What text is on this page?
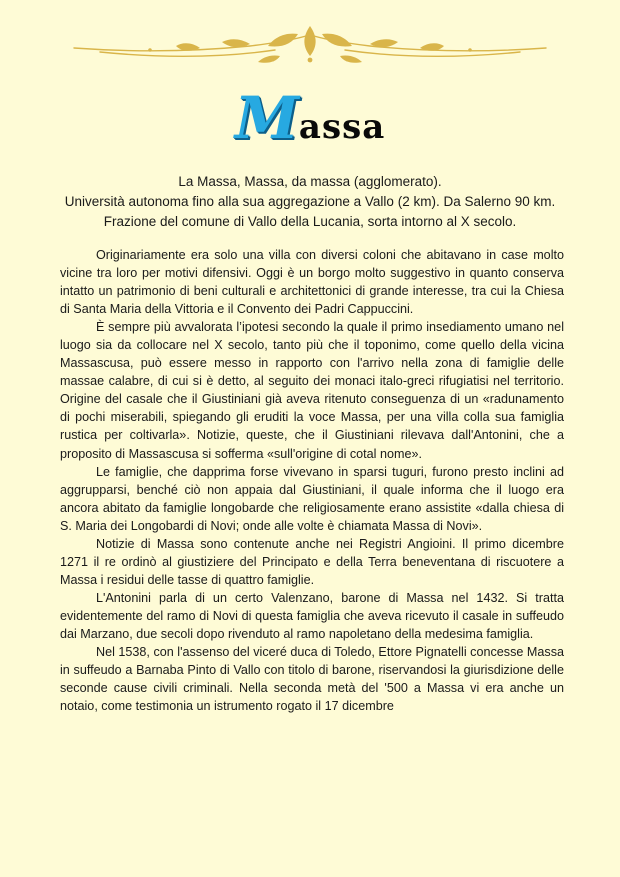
Massa
La Massa, Massa, da massa (agglomerato).
Università autonoma fino alla sua aggregazione a Vallo (2 km). Da Salerno 90 km.
Frazione del comune di Vallo della Lucania, sorta intorno al X secolo.

Originariamente era solo una villa con diversi coloni che abitavano in case molto vicine tra loro per motivi difensivi. Oggi è un borgo molto suggestivo in quanto conserva intatto un patrimonio di beni culturali e architettonici di grande interesse, tra cui la Chiesa di Santa Maria della Vittoria e il Convento dei Padri Cappuccini.

È sempre più avvalorata l’ipotesi secondo la quale il primo insediamento umano nel luogo sia da collocare nel X secolo, tanto più che il toponimo, come quello della vicina Massascusa, può essere messo in rapporto con l'arrivo nella zona di famiglie delle massae calabre, di cui si è detto, al seguito dei monaci italo-greci rifugiatisi nel territorio. Origine del casale che il Giustiniani già aveva ritenuto conseguenza di un «radunamento di pochi miserabili, spiegando gli eruditi la voce Massa, per una villa colla sua famiglia rustica per coltivarla». Notizie, queste, che il Giustiniani rilevava dall'Antonini, che a proposito di Massascusa si sofferma «sull'origine di cotal nome».

Le famiglie, che dapprima forse vivevano in sparsi tuguri, furono presto inclini ad aggrupparsi, benché ciò non appaia dal Giustiniani, il quale informa che il luogo era ancora abitato da famiglie longobarde che religiosamente erano assistite «dalla chiesa di S. Maria dei Longobardi di Novi; onde alle volte è chiamata Massa di Novi».

Notizie di Massa sono contenute anche nei Registri Angioini. Il primo dicembre 1271 il re ordinò al giustiziere del Principato e della Terra beneventana di riscuotere a Massa i residui delle tasse di quattro famiglie.

L'Antonini parla di un certo Valenzano, barone di Massa nel 1432. Si tratta evidentemente del ramo di Novi di questa famiglia che aveva ricevuto il casale in suffeudo dai Marzano, due secoli dopo rivenduto al ramo napoletano della medesima famiglia.

Nel 1538, con l'assenso del viceré duca di Toledo, Ettore Pignatelli concesse Massa in suffeudo a Barnaba Pinto di Vallo con titolo di barone, riservandosi la giurisdizione delle seconde cause civili criminali. Nella seconda metà del '500 a Massa vi era anche un notaio, come testimonia un istrumento rogato il 17 dicembre
